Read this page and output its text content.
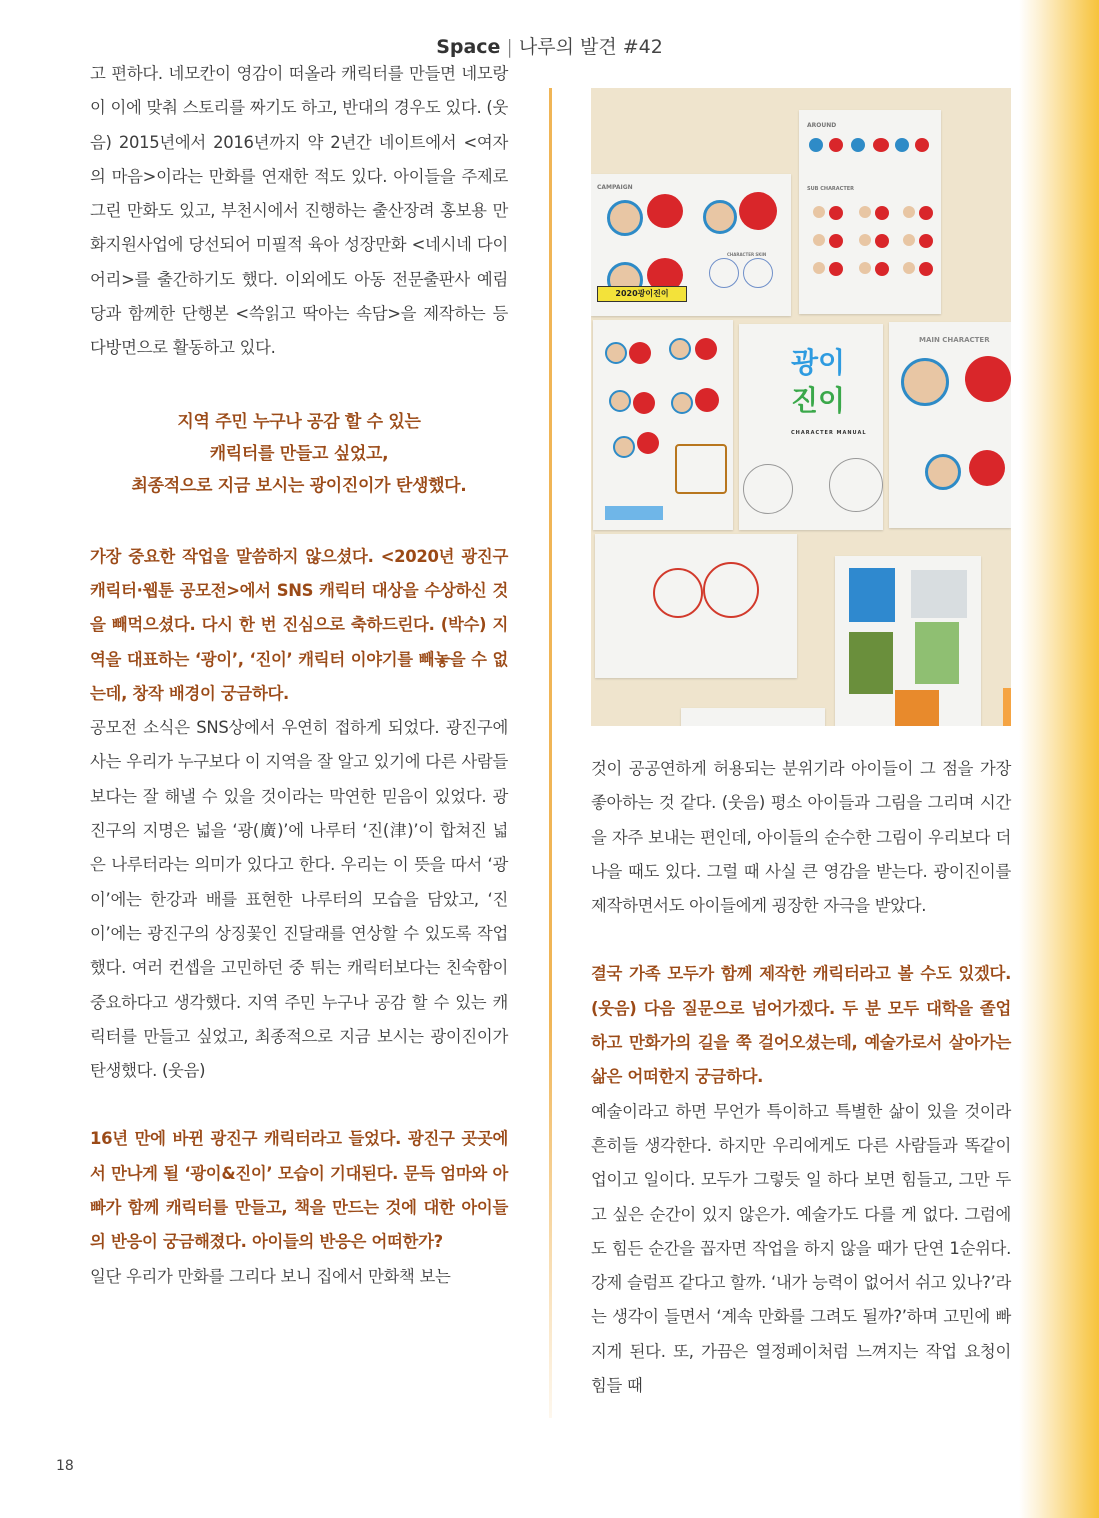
Space | 나루의 발견 #42

고 편하다. 네모칸이 영감이 떠올라 캐릭터를 만들면 네모랑이 이에 맞춰 스토리를 짜기도 하고, 반대의 경우도 있다. (웃음) 2015년에서 2016년까지 약 2년간 네이트에서 <여자의 마음>이라는 만화를 연재한 적도 있다. 아이들을 주제로 그린 만화도 있고, 부천시에서 진행하는 출산장려 홍보용 만화지원사업에 당선되어 미필적 육아 성장만화 <네시네 다이어리>를 출간하기도 했다. 이외에도 아동 전문출판사 예림당과 함께한 단행본 <쓱읽고 딱아는 속담>을 제작하는 등 다방면으로 활동하고 있다.

지역 주민 누구나 공감 할 수 있는
캐릭터를 만들고 싶었고,
최종적으로 지금 보시는 광이진이가 탄생했다.

가장 중요한 작업을 말씀하지 않으셨다. <2020년 광진구 캐릭터·웹툰 공모전>에서 SNS 캐릭터 대상을 수상하신 것을 빼먹으셨다. 다시 한 번 진심으로 축하드린다. (박수) 지역을 대표하는 ‘광이’, ‘진이’ 캐릭터 이야기를 빼놓을 수 없는데, 창작 배경이 궁금하다.

공모전 소식은 SNS상에서 우연히 접하게 되었다. 광진구에 사는 우리가 누구보다 이 지역을 잘 알고 있기에 다른 사람들보다는 잘 해낼 수 있을 것이라는 막연한 믿음이 있었다. 광진구의 지명은 넓을 ‘광(廣)’에 나루터 ‘진(津)’이 합쳐진 넓은 나루터라는 의미가 있다고 한다. 우리는 이 뜻을 따서 ‘광이’에는 한강과 배를 표현한 나루터의 모습을 담았고, ‘진이’에는 광진구의 상징꽃인 진달래를 연상할 수 있도록 작업했다. 여러 컨셉을 고민하던 중 튀는 캐릭터보다는 친숙함이 중요하다고 생각했다. 지역 주민 누구나 공감 할 수 있는 캐릭터를 만들고 싶었고, 최종적으로 지금 보시는 광이진이가 탄생했다. (웃음)

16년 만에 바뀐 광진구 캐릭터라고 들었다. 광진구 곳곳에서 만나게 될 ‘광이&진이’ 모습이 기대된다. 문득 엄마와 아빠가 함께 캐릭터를 만들고, 책을 만드는 것에 대한 아이들의 반응이 궁금해졌다. 아이들의 반응은 어떠한가?

일단 우리가 만화를 그리다 보니 집에서 만화책 보는

CAMPAIGN
CHARACTER SKIN
2020광이진이
AROUND
SUB CHARACTER
광이
진이
CHARACTER MANUAL
MAIN CHARACTER

것이 공공연하게 허용되는 분위기라 아이들이 그 점을 가장 좋아하는 것 같다. (웃음) 평소 아이들과 그림을 그리며 시간을 자주 보내는 편인데, 아이들의 순수한 그림이 우리보다 더 나을 때도 있다. 그럴 때 사실 큰 영감을 받는다. 광이진이를 제작하면서도 아이들에게 굉장한 자극을 받았다.

결국 가족 모두가 함께 제작한 캐릭터라고 볼 수도 있겠다. (웃음) 다음 질문으로 넘어가겠다. 두 분 모두 대학을 졸업하고 만화가의 길을 쭉 걸어오셨는데, 예술가로서 살아가는 삶은 어떠한지 궁금하다.

예술이라고 하면 무언가 특이하고 특별한 삶이 있을 것이라 흔히들 생각한다. 하지만 우리에게도 다른 사람들과 똑같이 업이고 일이다. 모두가 그렇듯 일 하다 보면 힘들고, 그만 두고 싶은 순간이 있지 않은가. 예술가도 다를 게 없다. 그럼에도 힘든 순간을 꼽자면 작업을 하지 않을 때가 단연 1순위다. 강제 슬럼프 같다고 할까. ‘내가 능력이 없어서 쉬고 있나?’라는 생각이 들면서 ‘계속 만화를 그려도 될까?’하며 고민에 빠지게 된다. 또, 가끔은 열정페이처럼 느껴지는 작업 요청이 힘들 때

18
